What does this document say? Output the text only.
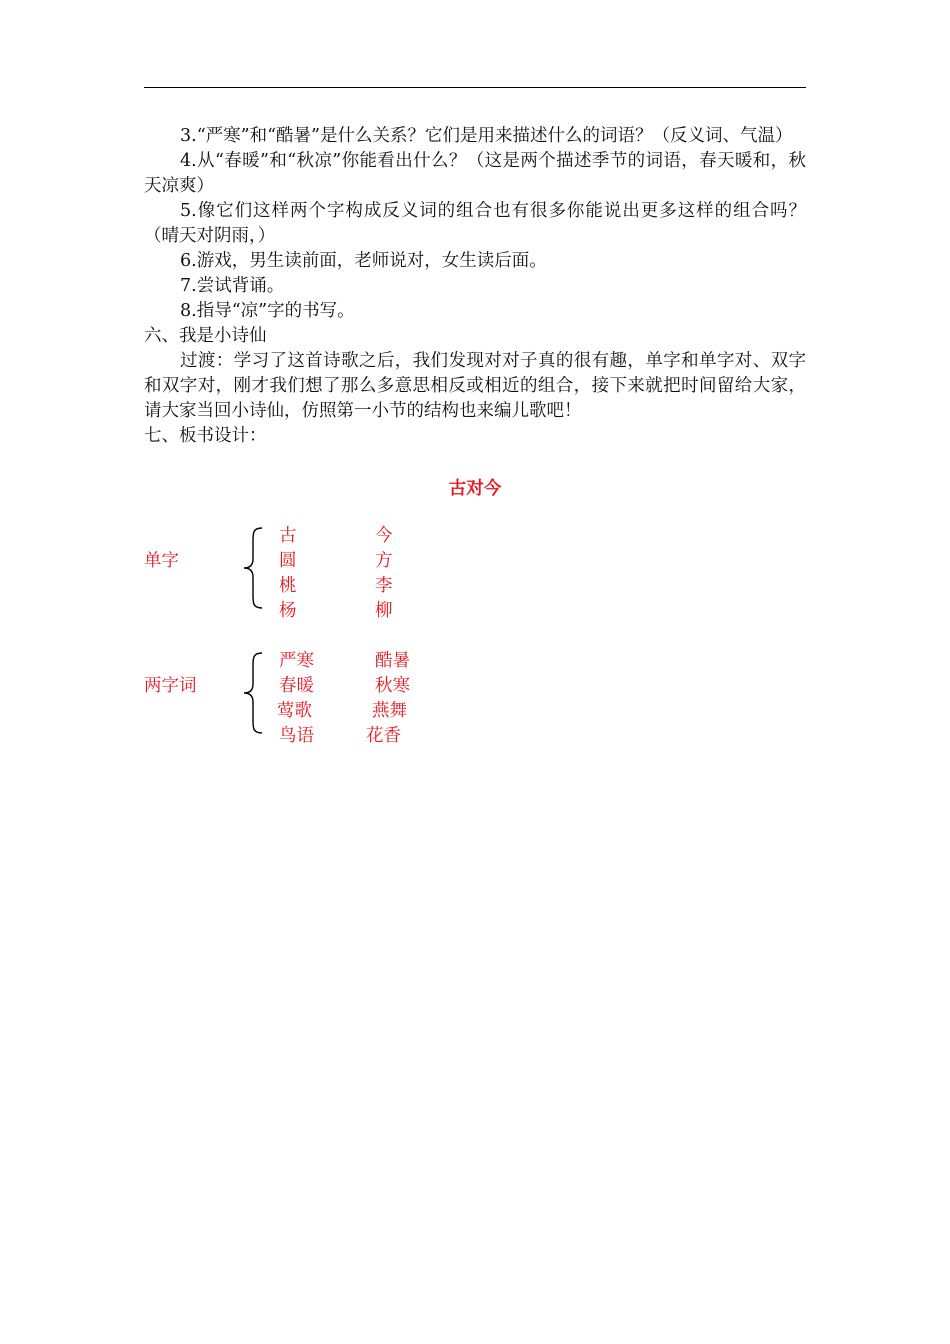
3.“严寒”和“酷暑”是什么关系？它们是用来描述什么的词语？（反义词、气温）

4.从“春暖”和“秋凉”你能看出什么？（这是两个描述季节的词语，春天暖和，秋天凉爽）

5.像它们这样两个字构成反义词的组合也有很多你能说出更多这样的组合吗？（晴天对阴雨，）

6.游戏，男生读前面，老师说对，女生读后面。

7.尝试背诵。

8.指导“凉”字的书写。

六、我是小诗仙

过渡：学习了这首诗歌之后，我们发现对对子真的很有趣，单字和单字对、双字和双字对，刚才我们想了那么多意思相反或相近的组合，接下来就把时间留给大家，请大家当回小诗仙，仿照第一小节的结构也来编儿歌吧！

七、板书设计：

古对今
单字
古	今
圆	方
桃	李
杨	柳
两字词
严寒	酷暑
春暖	秋寒
莺歌	燕舞
鸟语	花香
